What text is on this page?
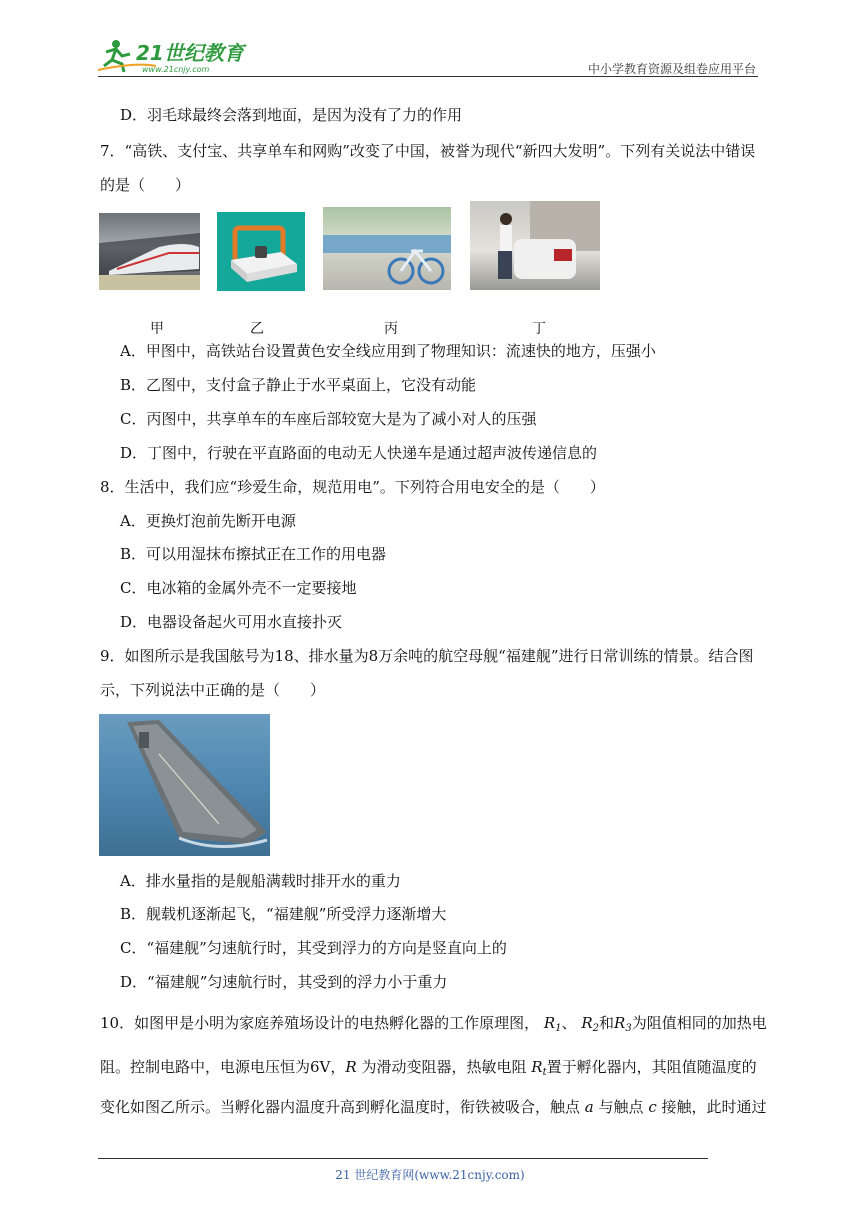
21世纪教育
www.21cnjy.com	中小学教育资源及组卷应用平台
D．羽毛球最终会落到地面，是因为没有了力的作用
7．“高铁、支付宝、共享单车和网购”改变了中国，被誉为现代“新四大发明”。下列有关说法中错误
的是（　　）
甲	乙	丙	丁
A．甲图中，高铁站台设置黄色安全线应用到了物理知识：流速快的地方，压强小
B．乙图中，支付盒子静止于水平桌面上，它没有动能
C．丙图中，共享单车的车座后部较宽大是为了减小对人的压强
D．丁图中，行驶在平直路面的电动无人快递车是通过超声波传递信息的
8．生活中，我们应“珍爱生命，规范用电”。下列符合用电安全的是（　　）
A．更换灯泡前先断开电源
B．可以用湿抹布擦拭正在工作的用电器
C．电冰箱的金属外壳不一定要接地
D．电器设备起火可用水直接扑灭
9．如图所示是我国舷号为18、排水量为8万余吨的航空母舰“福建舰”进行日常训练的情景。结合图
示，下列说法中正确的是（　　）
A．排水量指的是舰船满载时排开水的重力
B．舰载机逐渐起飞，“福建舰”所受浮力逐渐增大
C．“福建舰”匀速航行时，其受到浮力的方向是竖直向上的
D．“福建舰”匀速航行时，其受到的浮力小于重力
10．如图甲是小明为家庭养殖场设计的电热孵化器的工作原理图， $R_1$、 $R_2$和$R_3$为阻值相同的加热电
阻。控制电路中，电源电压恒为6V，R 为滑动变阻器，热敏电阻 $R_t$置于孵化器内，其阻值随温度的
变化如图乙所示。当孵化器内温度升高到孵化温度时，衔铁被吸合，触点 a 与触点 c 接触，此时通过
21 世纪教育网(www.21cnjy.com)
